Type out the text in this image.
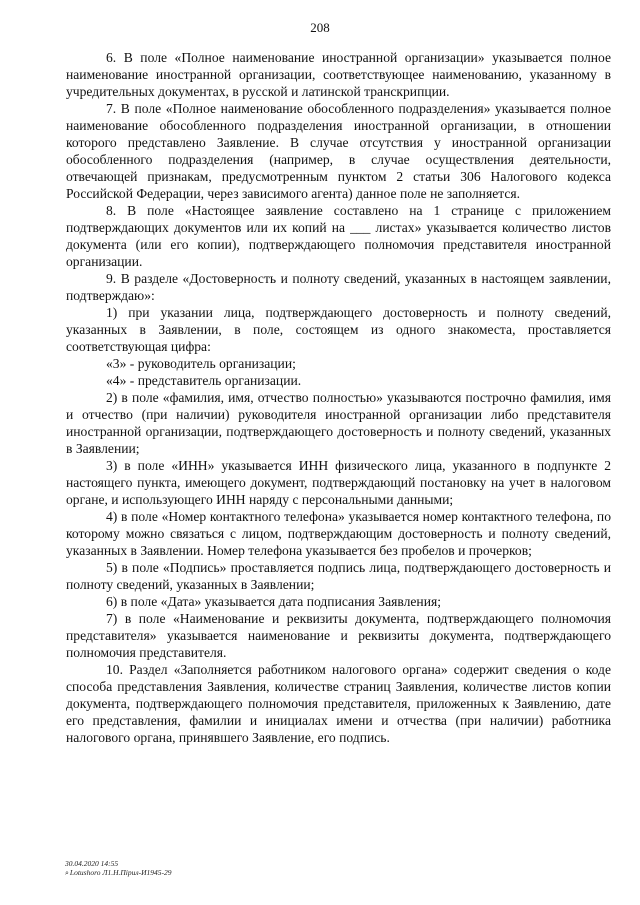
208

6. В поле «Полное наименование иностранной организации» указывается полное наименование иностранной организации, соответствующее наименованию, указанному в учредительных документах, в русской и латинской транскрипции.

7. В поле «Полное наименование обособленного подразделения» указывается полное наименование обособленного подразделения иностранной организации, в отношении которого представлено Заявление. В случае отсутствия у иностранной организации обособленного подразделения (например, в случае осуществления деятельности, отвечающей признакам, предусмотренным пунктом 2 статьи 306 Налогового кодекса Российской Федерации, через зависимого агента) данное поле не заполняется.

8. В поле «Настоящее заявление составлено на 1 странице с приложением подтверждающих документов или их копий на ___ листах» указывается количество листов документа (или его копии), подтверждающего полномочия представителя иностранной организации.

9. В разделе «Достоверность и полноту сведений, указанных в настоящем заявлении, подтверждаю»:

1) при указании лица, подтверждающего достоверность и полноту сведений, указанных в Заявлении, в поле, состоящем из одного знакоместа, проставляется соответствующая цифра:

«3» - руководитель организации;

«4» - представитель организации.

2) в поле «фамилия, имя, отчество полностью» указываются построчно фамилия, имя и отчество (при наличии) руководителя иностранной организации либо представителя иностранной организации, подтверждающего достоверность и полноту сведений, указанных в Заявлении;

3) в поле «ИНН» указывается ИНН физического лица, указанного в подпункте 2 настоящего пункта, имеющего документ, подтверждающий постановку на учет в налоговом органе, и использующего ИНН наряду с персональными данными;

4) в поле «Номер контактного телефона» указывается номер контактного телефона, по которому можно связаться с лицом, подтверждающим достоверность и полноту сведений, указанных в Заявлении. Номер телефона указывается без пробелов и прочерков;

5) в поле «Подпись» проставляется подпись лица, подтверждающего достоверность и полноту сведений, указанных в Заявлении;

6) в поле «Дата» указывается дата подписания Заявления;

7) в поле «Наименование и реквизиты документа, подтверждающего полномочия представителя» указывается наименование и реквизиты документа, подтверждающего полномочия представителя.

10. Раздел «Заполняется работником налогового органа» содержит сведения о коде способа представления Заявления, количестве страниц Заявления, количестве листов копии документа, подтверждающего полномочия представителя, приложенных к Заявлению, дате его представления, фамилии и инициалах имени и отчества (при наличии) работника налогового органа, принявшего Заявление, его подпись.

30.04.2020 14:55
⌕Lotushoro Л1.Н.Пiрил-И1945-29
